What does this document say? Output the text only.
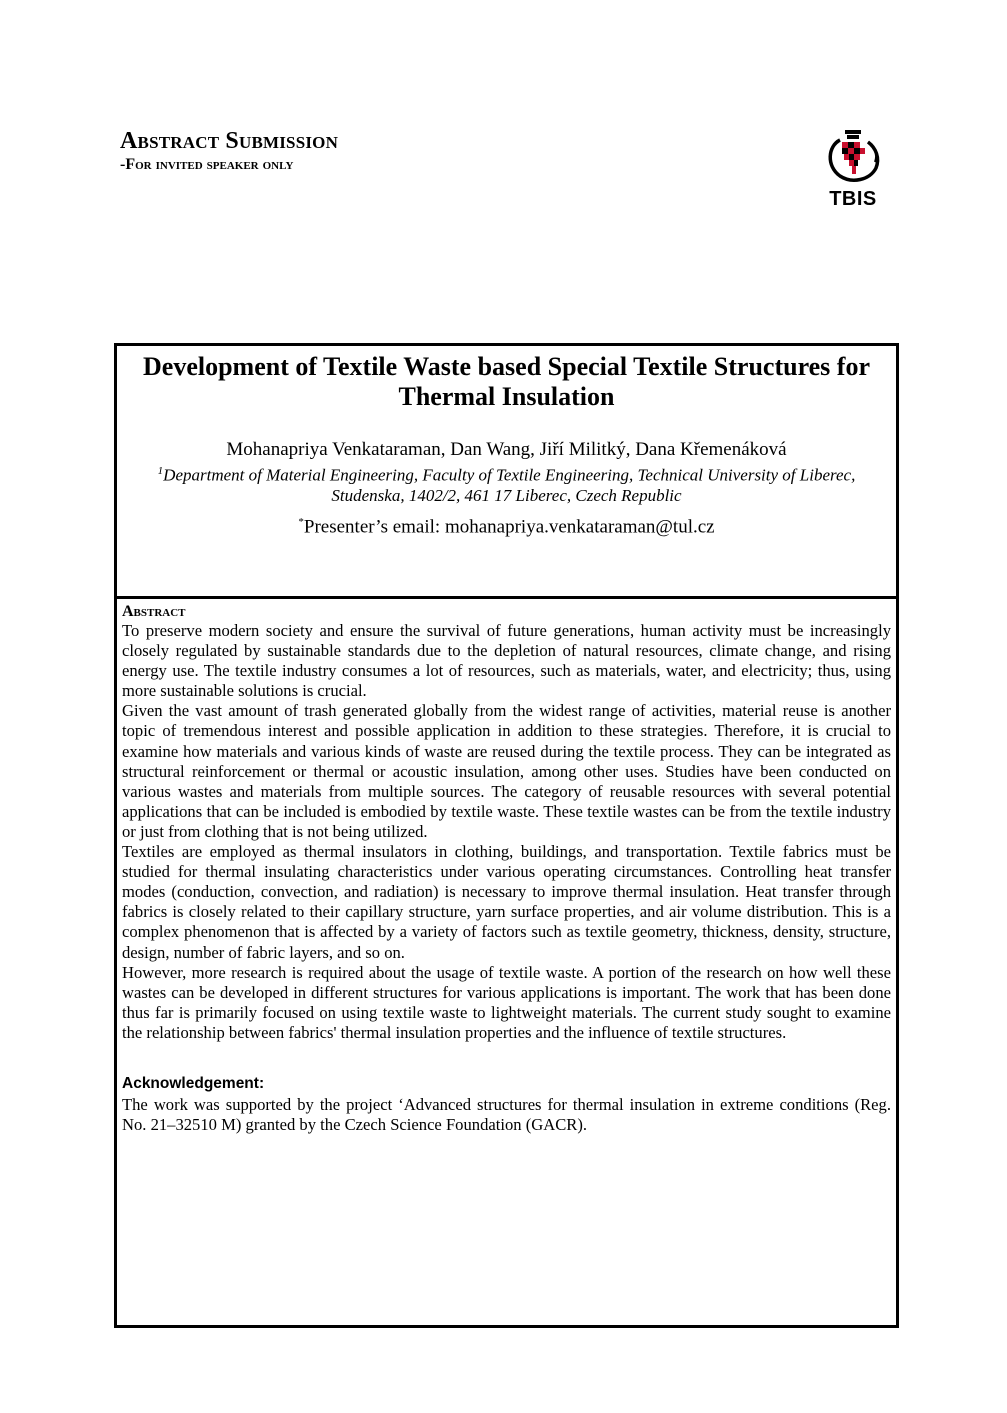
Abstract Submission
-For invited speaker only
TBIS
Development of Textile Waste based Special Textile Structures for Thermal Insulation
Mohanapriya Venkataraman, Dan Wang, Jiří Militký, Dana Křemenáková
$^1$Department of Material Engineering, Faculty of Textile Engineering, Technical University of Liberec, Studenska, 1402/2, 461 17 Liberec, Czech Republic
*Presenter’s email: mohanapriya.venkataraman@tul.cz
Abstract
To preserve modern society and ensure the survival of future generations, human activity must be increasingly closely regulated by sustainable standards due to the depletion of natural resources, climate change, and rising energy use. The textile industry consumes a lot of resources, such as materials, water, and electricity; thus, using more sustainable solutions is crucial.
Given the vast amount of trash generated globally from the widest range of activities, material reuse is another topic of tremendous interest and possible application in addition to these strategies. Therefore, it is crucial to examine how materials and various kinds of waste are reused during the textile process. They can be integrated as structural reinforcement or thermal or acoustic insulation, among other uses. Studies have been conducted on various wastes and materials from multiple sources. The category of reusable resources with several potential applications that can be included is embodied by textile waste. These textile wastes can be from the textile industry or just from clothing that is not being utilized.
Textiles are employed as thermal insulators in clothing, buildings, and transportation. Textile fabrics must be studied for thermal insulating characteristics under various operating circumstances. Controlling heat transfer modes (conduction, convection, and radiation) is necessary to improve thermal insulation. Heat transfer through fabrics is closely related to their capillary structure, yarn surface properties, and air volume distribution. This is a complex phenomenon that is affected by a variety of factors such as textile geometry, thickness, density, structure, design, number of fabric layers, and so on.
However, more research is required about the usage of textile waste. A portion of the research on how well these wastes can be developed in different structures for various applications is important. The work that has been done thus far is primarily focused on using textile waste to lightweight materials. The current study sought to examine the relationship between fabrics' thermal insulation properties and the influence of textile structures.
Acknowledgement:
The work was supported by the project ‘Advanced structures for thermal insulation in extreme conditions (Reg. No. 21–32510 M) granted by the Czech Science Foundation (GACR).
